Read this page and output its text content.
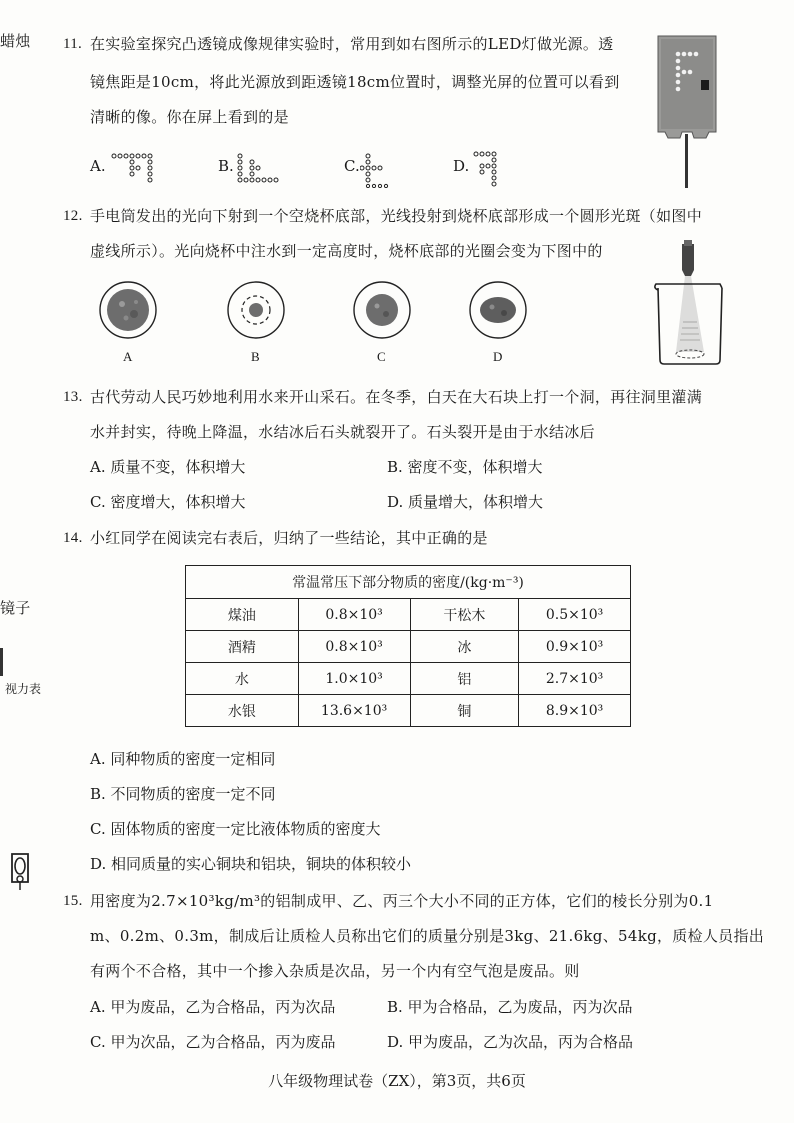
蜡烛
镜子
视力表
11. 在实验室探究凸透镜成像规律实验时，常用到如右图所示的LED灯做光源。透
镜焦距是10cm，将此光源放到距透镜18cm位置时，调整光屏的位置可以看到
清晰的像。你在屏上看到的是
A.	B.	C.	D.
12. 手电筒发出的光向下射到一个空烧杯底部，光线投射到烧杯底部形成一个圆形光斑（如图中
虚线所示）。光向烧杯中注水到一定高度时，烧杯底部的光圈会变为下图中的
A	B	C	D
13. 古代劳动人民巧妙地利用水来开山采石。在冬季，白天在大石块上打一个洞，再往洞里灌满
水并封实，待晚上降温，水结冰后石头就裂开了。石头裂开是由于水结冰后
A. 质量不变，体积增大	B. 密度不变，体积增大
C. 密度增大，体积增大	D. 质量增大，体积增大
14. 小红同学在阅读完右表后，归纳了一些结论，其中正确的是
常温常压下部分物质的密度/(kg·m⁻³)			
煤油	0.8×10³	干松木	0.5×10³
酒精	0.8×10³	冰	0.9×10³
水	1.0×10³	铝	2.7×10³
水银	13.6×10³	铜	8.9×10³
A. 同种物质的密度一定相同
B. 不同物质的密度一定不同
C. 固体物质的密度一定比液体物质的密度大
D. 相同质量的实心铜块和铝块，铜块的体积较小
15. 用密度为2.7×10³kg/m³的铝制成甲、乙、丙三个大小不同的正方体，它们的棱长分别为0.1
m、0.2m、0.3m，制成后让质检人员称出它们的质量分别是3kg、21.6kg、54kg，质检人员指出
有两个不合格，其中一个掺入杂质是次品，另一个内有空气泡是废品。则
A. 甲为废品，乙为合格品，丙为次品	B. 甲为合格品，乙为废品，丙为次品
C. 甲为次品，乙为合格品，丙为废品	D. 甲为废品，乙为次品，丙为合格品
八年级物理试卷（ZX），第3页，共6页
